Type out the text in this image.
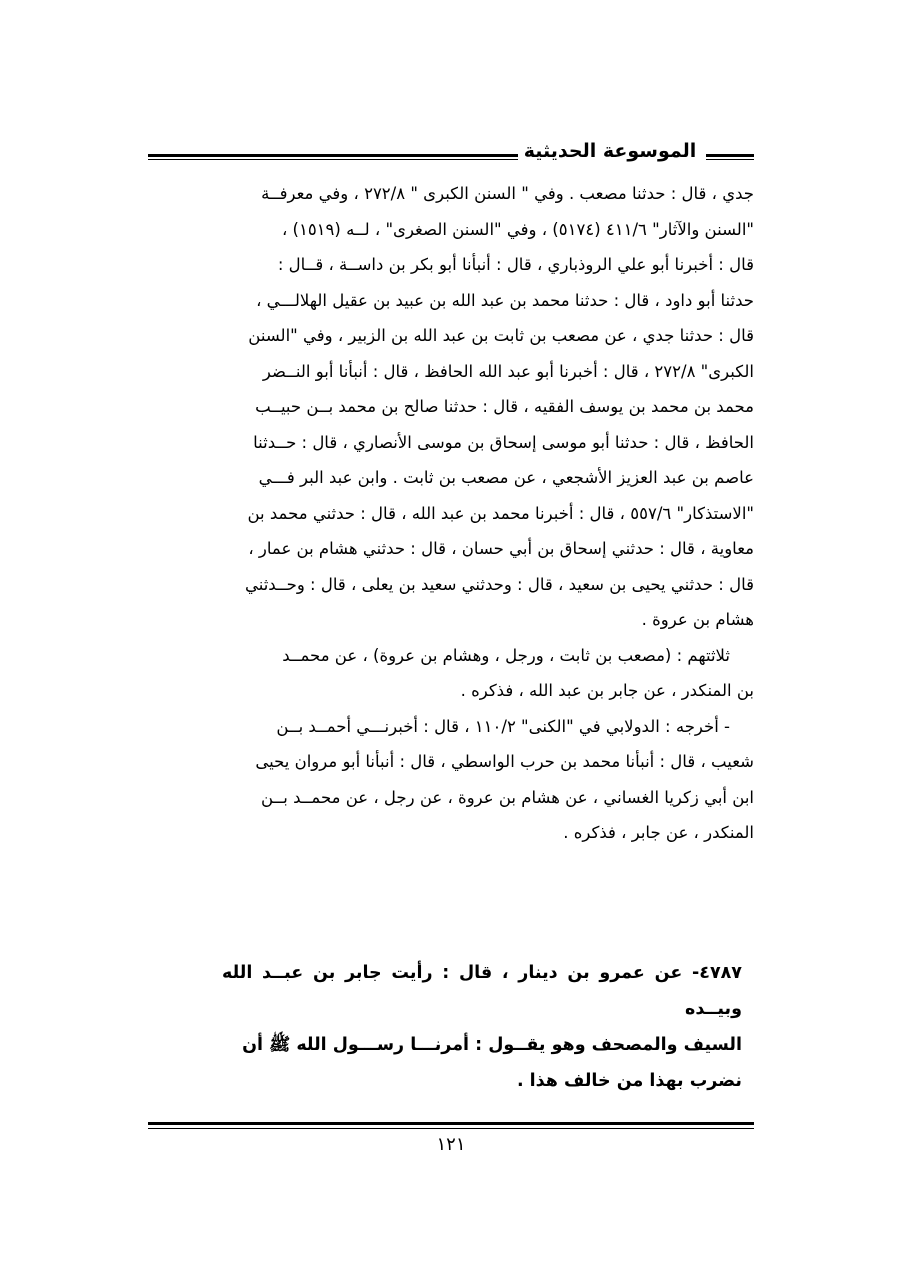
الموسوعة الحديثية

جدي ، قال : حدثنا مصعب . وفي " السنن الكبرى " ٢٧٢/٨ ، وفي معرفــة

"السنن والآثار" ٤١١/٦ (٥١٧٤) ، وفي "السنن الصغرى" ، لــه (١٥١٩) ،

قال : أخبرنا أبو علي الروذباري ، قال : أنبأنا أبو بكر بن داســة ، قــال :

حدثنا أبو داود ، قال : حدثنا محمد بن عبد الله بن عبيد بن عقيل الهلالـــي ،

قال : حدثنا جدي ، عن مصعب بن ثابت بن عبد الله بن الزبير ، وفي "السنن

الكبرى" ٢٧٢/٨ ، قال : أخبرنا أبو عبد الله الحافظ ، قال : أنبأنا أبو النــضر

محمد بن محمد بن يوسف الفقيه ، قال : حدثنا صالح بن محمد بــن حبيــب

الحافظ ، قال : حدثنا أبو موسى إسحاق بن موسى الأنصاري ، قال : حــدثنا

عاصم بن عبد العزيز الأشجعي ، عن مصعب بن ثابت . وابن عبد البر فـــي

"الاستذكار" ٥٥٧/٦ ، قال : أخبرنا محمد بن عبد الله ، قال : حدثني محمد بن

معاوية ، قال : حدثني إسحاق بن أبي حسان ، قال : حدثني هشام بن عمار ،

قال : حدثني يحيى بن سعيد ، قال : وحدثني سعيد بن يعلى ، قال : وحــدثني

هشام بن عروة .

ثلاثتهم : (مصعب بن ثابت ، ورجل ، وهشام بن عروة) ، عن محمــد

بن المنكدر ، عن جابر بن عبد الله ، فذكره .

- أخرجه : الدولابي في "الكنى" ١١٠/٢ ، قال : أخبرنـــي أحمــد بــن

شعيب ، قال : أنبأنا محمد بن حرب الواسطي ، قال : أنبأنا أبو مروان يحيى

ابن أبي زكريا الغساني ، عن هشام بن عروة ، عن رجل ، عن محمــد بــن

المنكدر ، عن جابر ، فذكره .

٤٧٨٧- عن عمرو بن دينار ، قال : رأيت جابر بن عبــد الله وبيــده

السيف والمصحف وهو يقــول : أمرنـــا رســـول الله ﷺ أن

نضرب بهذا من خالف هذا .

١٢١
